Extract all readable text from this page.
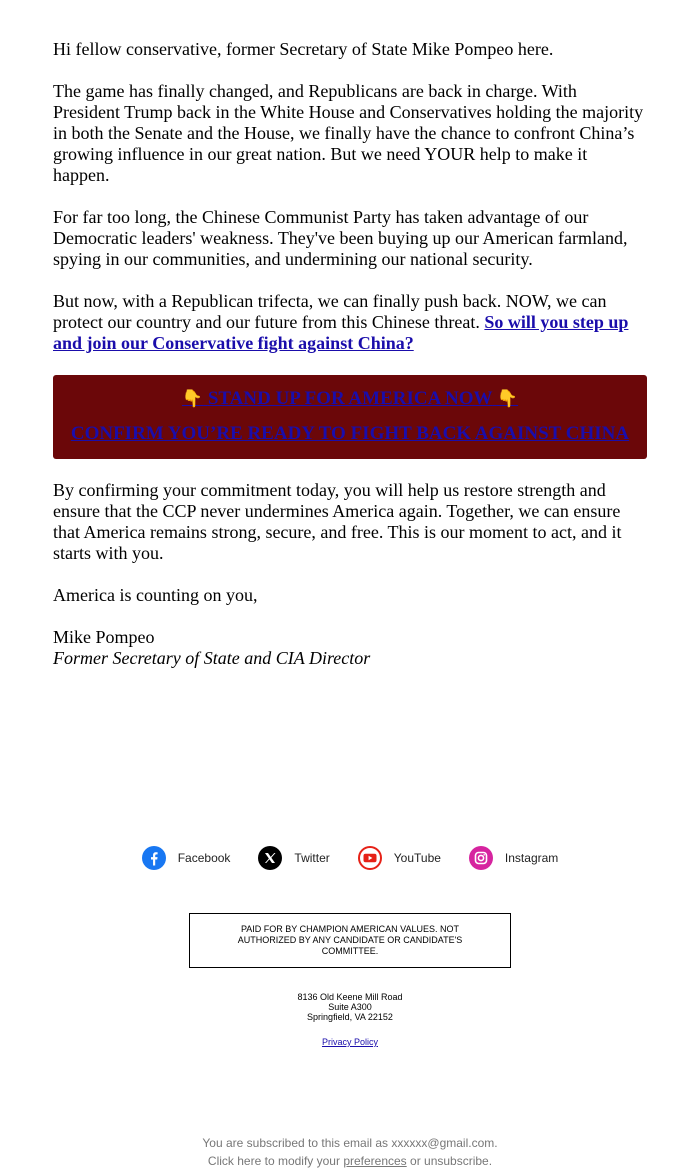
Hi fellow conservative, former Secretary of State Mike Pompeo here.

The game has finally changed, and Republicans are back in charge. With President Trump back in the White House and Conservatives holding the majority in both the Senate and the House, we finally have the chance to confront China’s growing influence in our great nation. But we need YOUR help to make it happen.

For far too long, the Chinese Communist Party has taken advantage of our Democratic leaders' weakness. They've been buying up our American farmland, spying in our communities, and undermining our national security.

But now, with a Republican trifecta, we can finally push back. NOW, we can protect our country and our future from this Chinese threat. So will you step up and join our Conservative fight against China?

👇 STAND UP FOR AMERICA NOW 👇
CONFIRM YOU’RE READY TO FIGHT BACK AGAINST CHINA

By confirming your commitment today, you will help us restore strength and ensure that the CCP never undermines America again. Together, we can ensure that America remains strong, secure, and free. This is our moment to act, and it starts with you.

America is counting on you,

Mike Pompeo
Former Secretary of State and CIA Director

Facebook	Twitter	YouTube	Instagram
PAID FOR BY CHAMPION AMERICAN VALUES. NOT AUTHORIZED BY ANY CANDIDATE OR CANDIDATE'S COMMITTEE.
8136 Old Keene Mill Road
Suite A300
Springfield, VA 22152
Privacy Policy
You are subscribed to this email as xxxxxx@gmail.com.
Click here to modify your preferences or unsubscribe.
